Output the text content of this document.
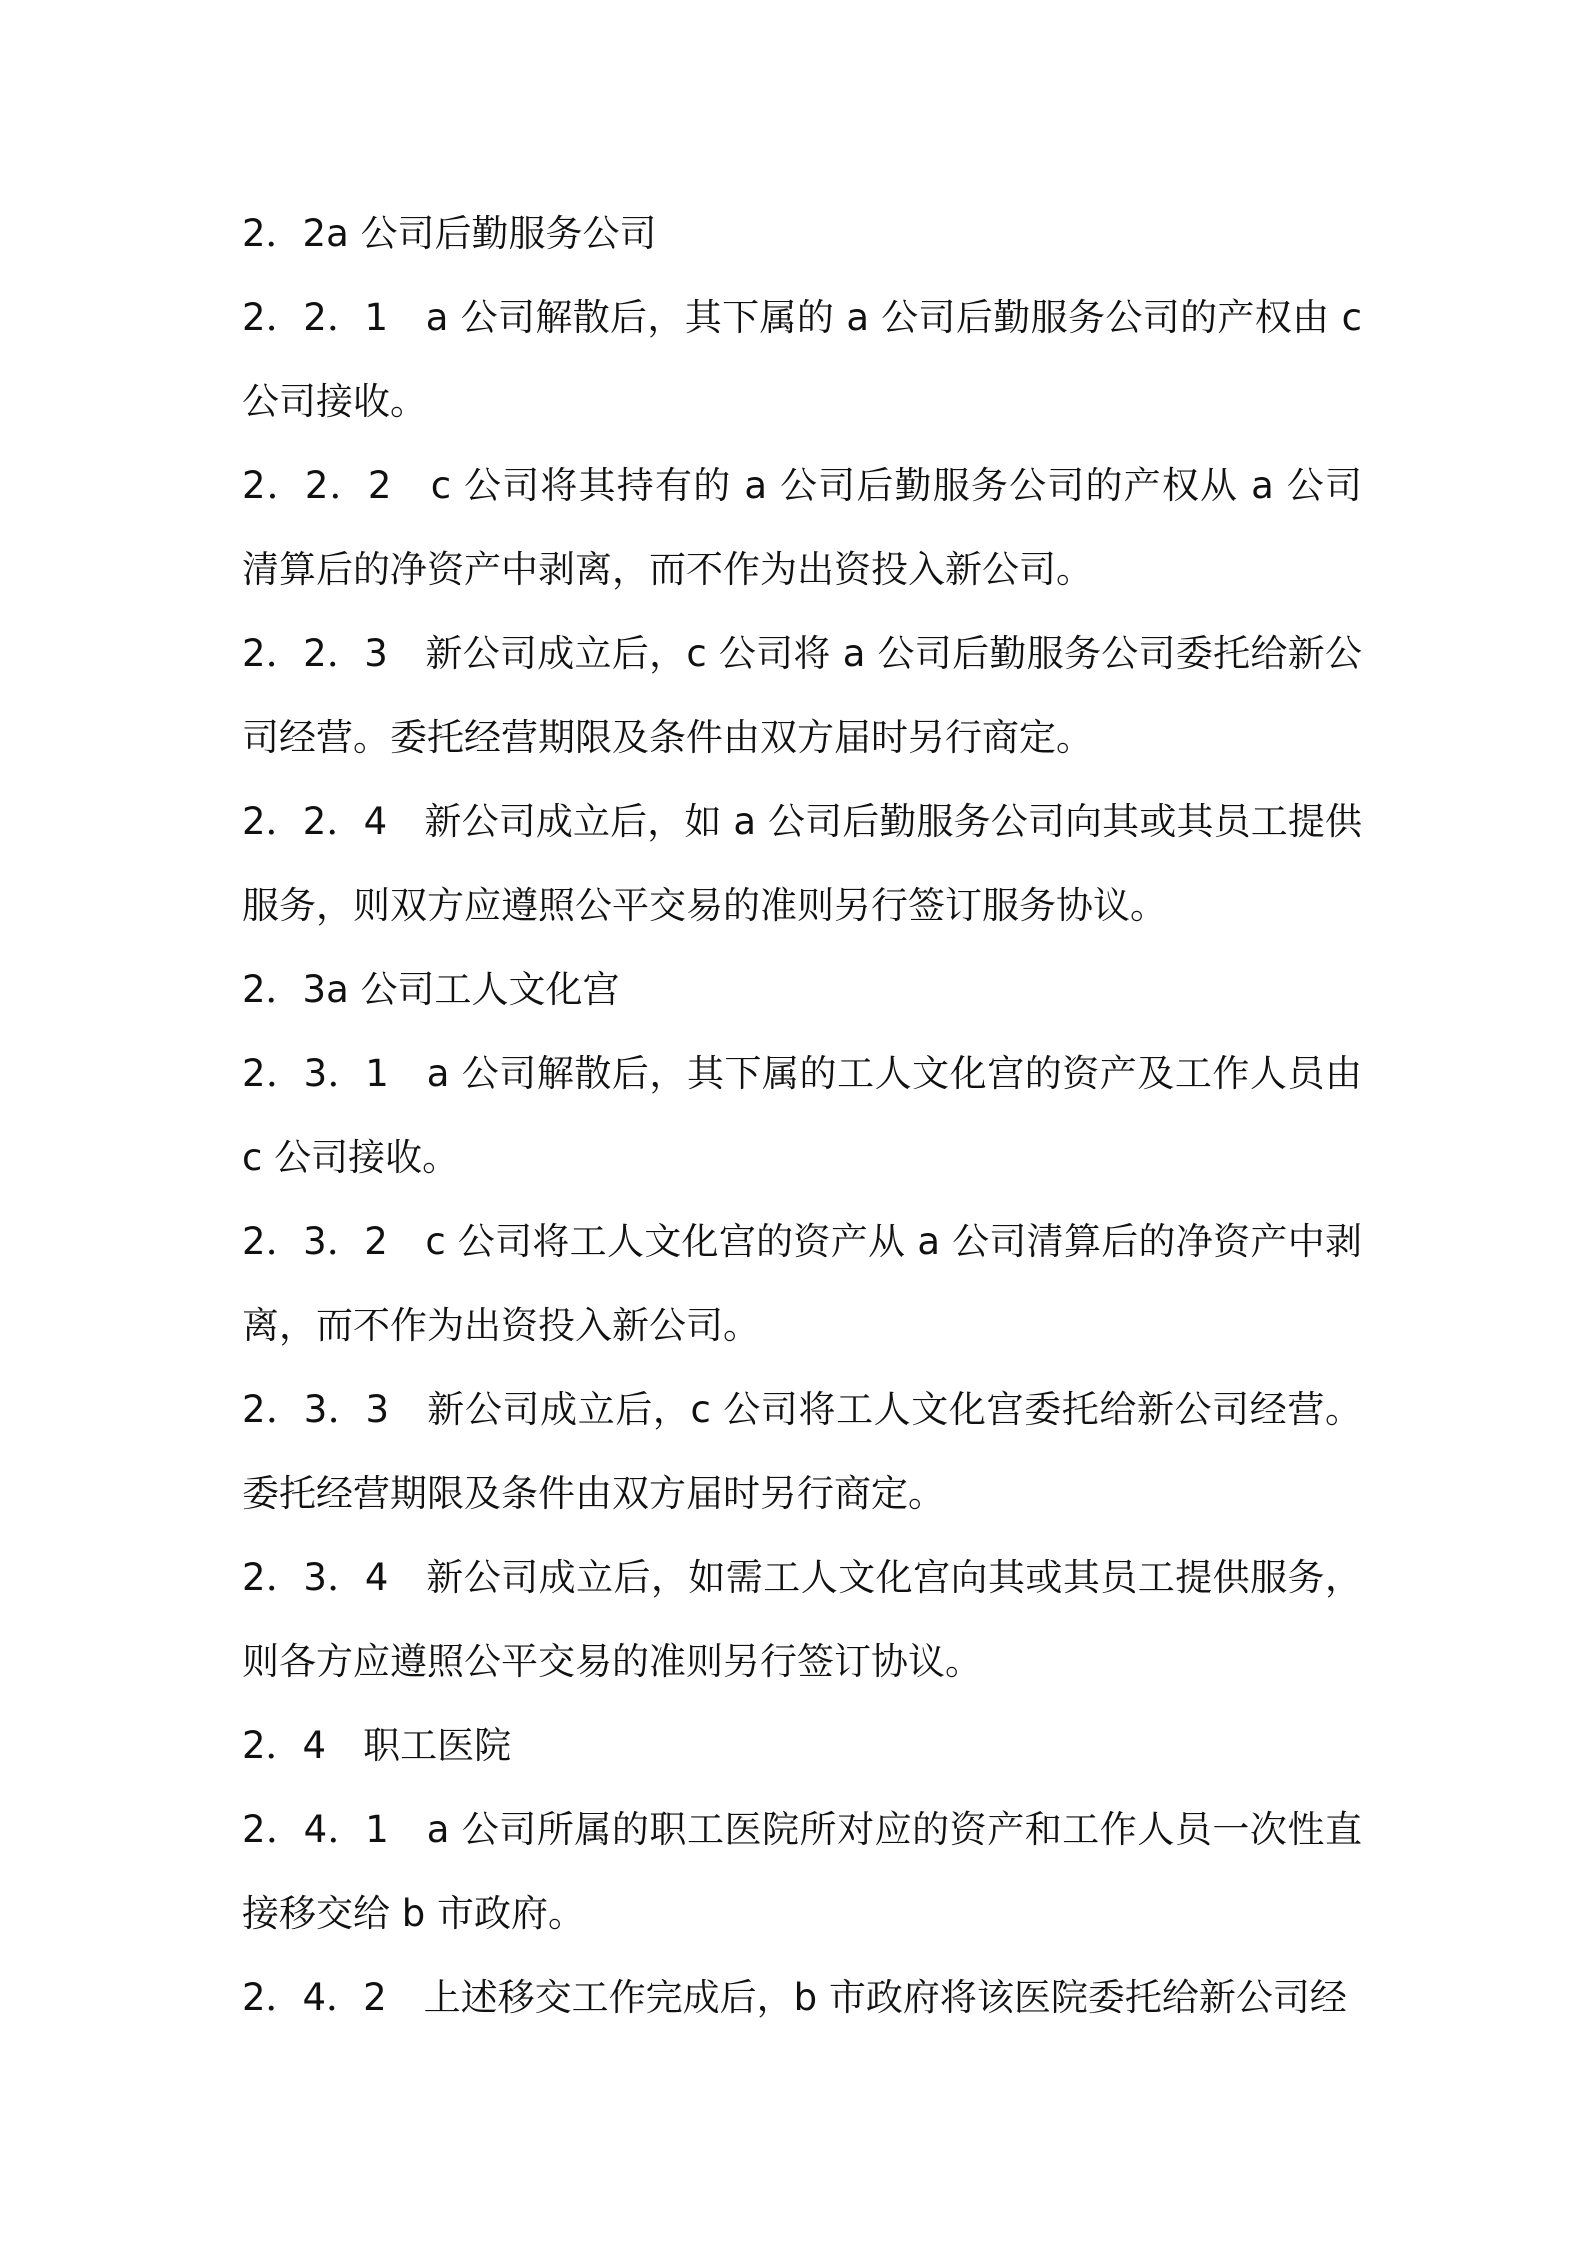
2．2a 公司后勤服务公司

2．2．1　a 公司解散后，其下属的 a 公司后勤服务公司的产权由 c 公司接收。

2．2．2　c 公司将其持有的 a 公司后勤服务公司的产权从 a 公司清算后的净资产中剥离，而不作为出资投入新公司。

2．2．3　新公司成立后，c 公司将 a 公司后勤服务公司委托给新公司经营。委托经营期限及条件由双方届时另行商定。

2．2．4　新公司成立后，如 a 公司后勤服务公司向其或其员工提供服务，则双方应遵照公平交易的准则另行签订服务协议。

2．3a 公司工人文化宫

2．3．1　a 公司解散后，其下属的工人文化宫的资产及工作人员由 c 公司接收。

2．3．2　c 公司将工人文化宫的资产从 a 公司清算后的净资产中剥离，而不作为出资投入新公司。

2．3．3　新公司成立后，c 公司将工人文化宫委托给新公司经营。委托经营期限及条件由双方届时另行商定。

2．3．4　新公司成立后，如需工人文化宫向其或其员工提供服务，则各方应遵照公平交易的准则另行签订协议。

2．4　职工医院

2．4．1　a 公司所属的职工医院所对应的资产和工作人员一次性直接移交给 b 市政府。

2．4．2　上述移交工作完成后，b 市政府将该医院委托给新公司经
